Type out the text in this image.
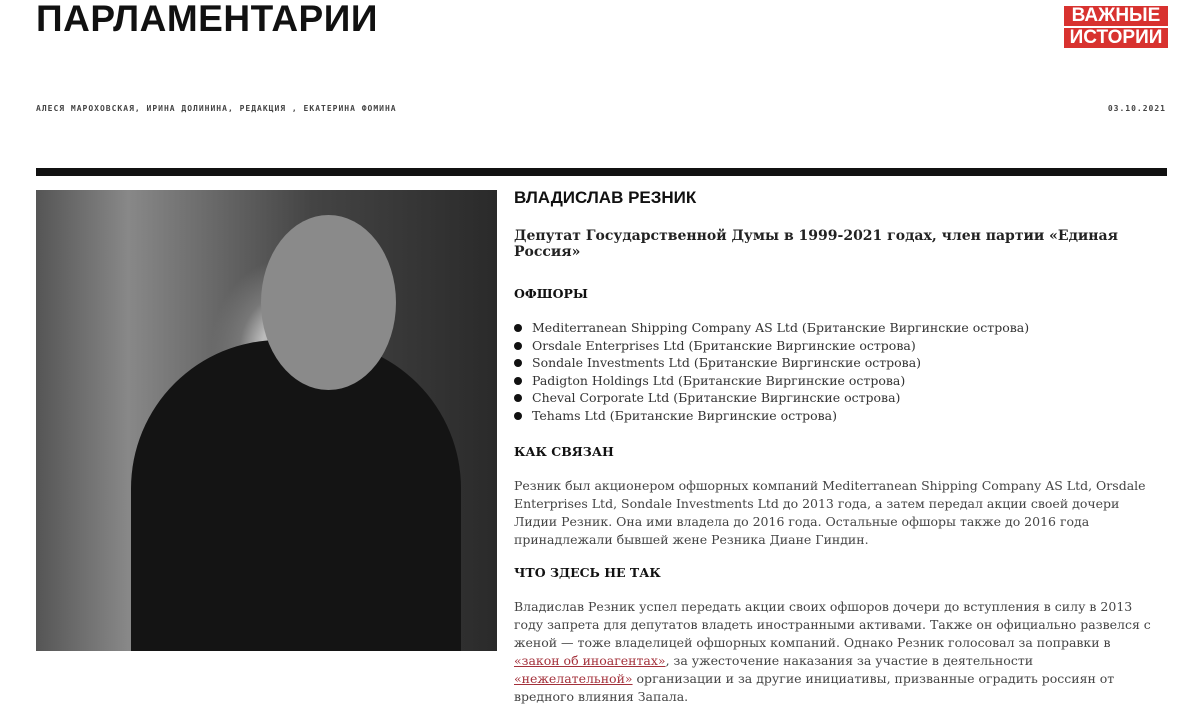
ПАРЛАМЕНТАРИИ	ВАЖНЫЕ
ИСТОРИИ
АЛЕСЯ МАРОХОВСКАЯ, ИРИНА ДОЛИНИНА, РЕДАКЦИЯ , ЕКАТЕРИНА ФОМИНА	03.10.2021
ВЛАДИСЛАВ РЕЗНИК
Депутат Государственной Думы в 1999-2021 годах, член партии «Единая Россия»
ОФШОРЫ
Mediterranean Shipping Company AS Ltd (Британские Виргинские острова)
Orsdale Enterprises Ltd (Британские Виргинские острова)
Sondale Investments Ltd (Британские Виргинские острова)
Padigton Holdings Ltd (Британские Виргинские острова)
Cheval Corporate Ltd (Британские Виргинские острова)
Tehams Ltd (Британские Виргинские острова)
КАК СВЯЗАН

Резник был акционером офшорных компаний Mediterranean Shipping Company AS Ltd, Orsdale Enterprises Ltd, Sondale Investments Ltd до 2013 года, а затем передал акции своей дочери Лидии Резник. Она ими владела до 2016 года. Остальные офшоры также до 2016 года принадлежали бывшей жене Резника Диане Гиндин.

ЧТО ЗДЕСЬ НЕ ТАК

Владислав Резник успел передать акции своих офшоров дочери до вступления в силу в 2013 году запрета для депутатов владеть иностранными активами. Также он официально развелся с женой — тоже владелицей офшорных компаний. Однако Резник голосовал за поправки в «закон об иноагентах», за ужесточение наказания за участие в деятельности «нежелательной» организации и за другие инициативы, призванные оградить россиян от вредного влияния Запала.
